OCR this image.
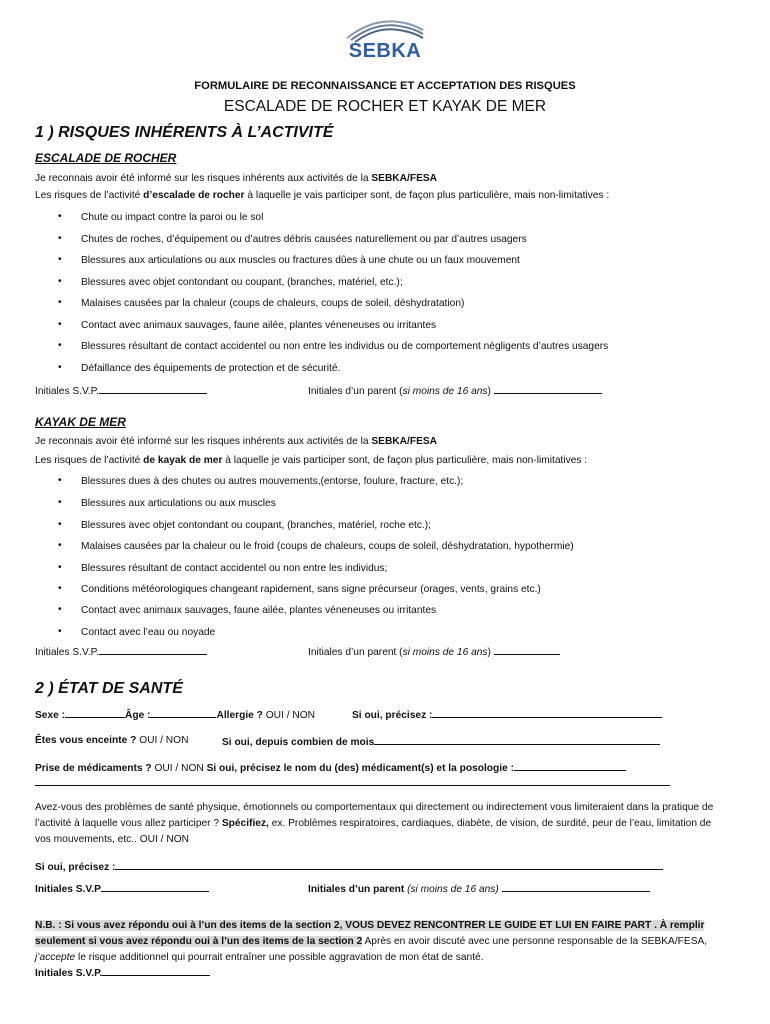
SEBKA
FORMULAIRE DE RECONNAISSANCE ET ACCEPTATION DES RISQUES
ESCALADE DE ROCHER ET KAYAK DE MER
1 ) RISQUES INHÉRENTS À L’ACTIVITÉ
ESCALADE DE ROCHER
Je reconnais avoir été informé sur les risques inhérents aux activités de la SEBKA/FESA
Les risques de l’activité d’escalade de rocher à laquelle je vais participer sont, de façon plus particulière, mais non-limitatives :
Chute ou impact contre la paroi ou le sol
Chutes de roches, d’équipement ou d’autres débris causées naturellement ou par d’autres usagers
Blessures aux articulations ou aux muscles ou fractures dûes à une chute ou un faux mouvement
Blessures avec objet contondant ou coupant, (branches, matériel, etc.);
Malaises causées par la chaleur (coups de chaleurs, coups de soleil, déshydratation)
Contact avec animaux sauvages, faune ailée, plantes véneneuses ou irritantes
Blessures résultant de contact accidentel ou non entre les individus ou de comportement négligents d’autres usagers
Défaillance des équipements de protection et de sécurité.
Initiales S.V.P.	Initiales d’un parent (si moins de 16 ans)
KAYAK DE MER
Je reconnais avoir été informé sur les risques inhérents aux activités de la SEBKA/FESA
Les risques de l’activité de kayak de mer à laquelle je vais participer sont, de façon plus particulière, mais non-limitatives :
Blessures dues à des chutes ou autres mouvements,(entorse, foulure, fracture, etc.);
Blessures aux articulations ou aux muscles
Blessures avec objet contondant ou coupant, (branches, matériel, roche etc.);
Malaises causées par la chaleur ou le froid (coups de chaleurs, coups de soleil, déshydratation, hypothermie)
Blessures résultant de contact accidentel ou non entre les individus;
Conditions météorologiques changeant rapidement, sans signe précurseur (orages, vents, grains etc.)
Contact avec animaux sauvages, faune ailée, plantes véneneuses ou irritantes
Contact avec l’eau ou noyade
Initiales S.V.P.	Initiales d’un parent (si moins de 16 ans)
2 ) ÉTAT DE SANTÉ
Sexe :	Âge :	Allergie ? OUI / NON	Si oui, précisez :
Êtes vous enceinte ? OUI / NON	Si oui, depuis combien de mois
Prise de médicaments ? OUI / NON Si oui, précisez le nom du (des) médicament(s) et la posologie :
Avez-vous des problèmes de santé physique, émotionnels ou comportementaux qui directement ou indirectement vous limiteraient dans la pratique de l’activité à laquelle vous allez participer ? Spécifiez, ex. Problèmes respiratoires, cardiaques, diabète, de vision, de surdité, peur de l’eau, limitation de vos mouvements, etc.. OUI / NON
Si oui, précisez :
Initiales S.V.P	Initiales d’un parent (si moins de 16 ans)
N.B. : Si vous avez répondu oui à l’un des items de la section 2, VOUS DEVEZ RENCONTRER LE GUIDE ET LUI EN FAIRE PART . À remplir seulement si vous avez répondu oui à l’un des items de la section 2 Après en avoir discuté avec une personne responsable de la SEBKA/FESA, j’accepte le risque additionnel qui pourrait entraîner une possible aggravation de mon état de santé.
Initiales S.V.P.
